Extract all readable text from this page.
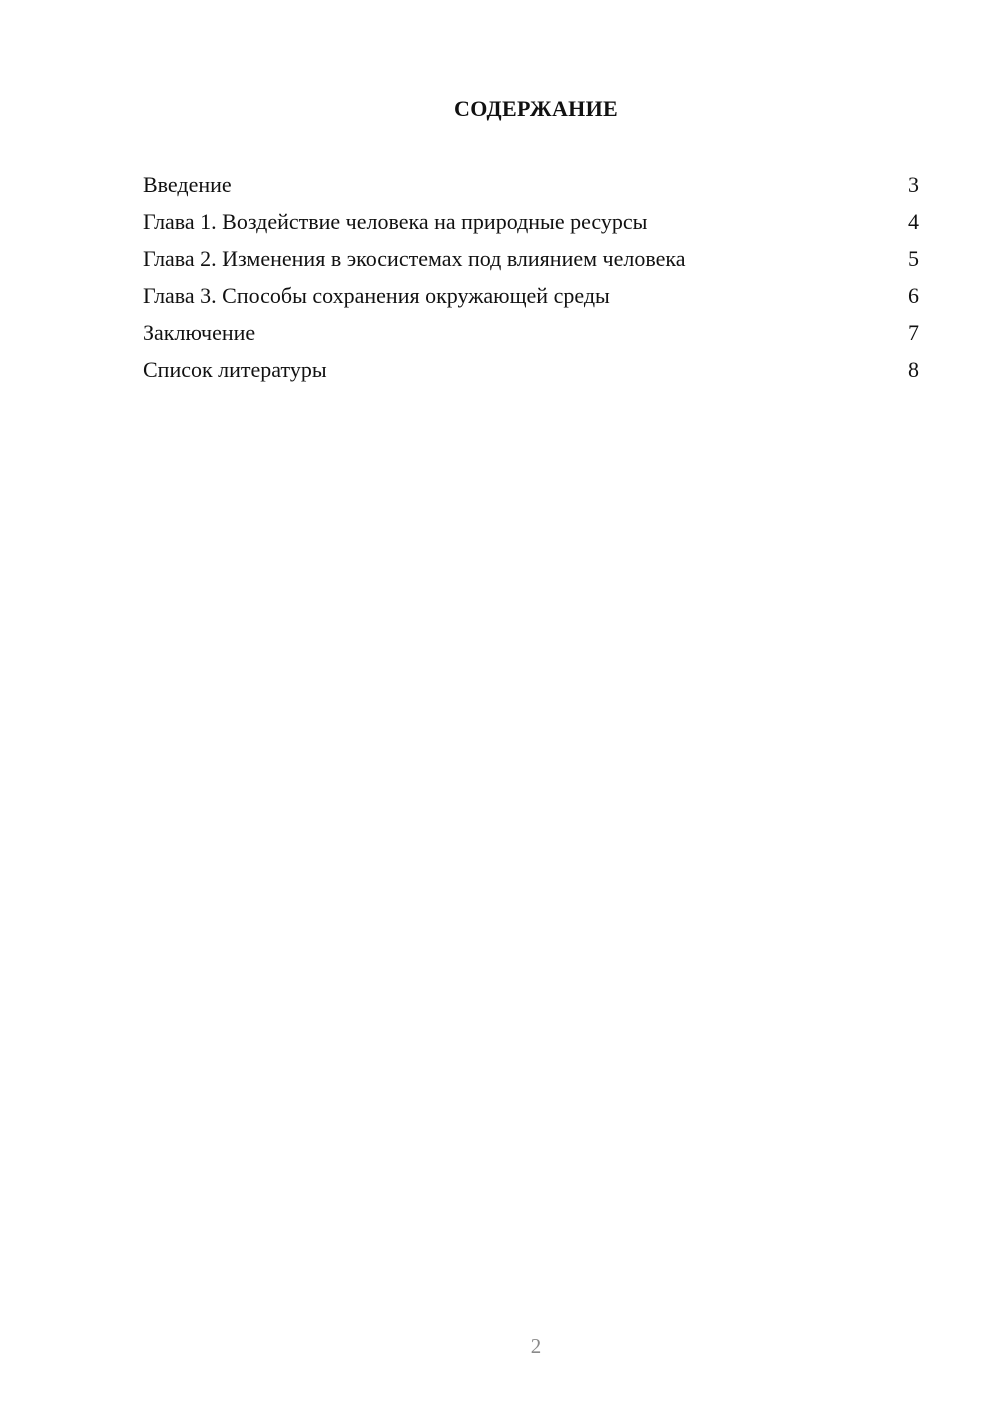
СОДЕРЖАНИЕ
Введение	3
Глава 1. Воздействие человека на природные ресурсы	4
Глава 2. Изменения в экосистемах под влиянием человека	5
Глава 3. Способы сохранения окружающей среды	6
Заключение	7
Список литературы	8
2
